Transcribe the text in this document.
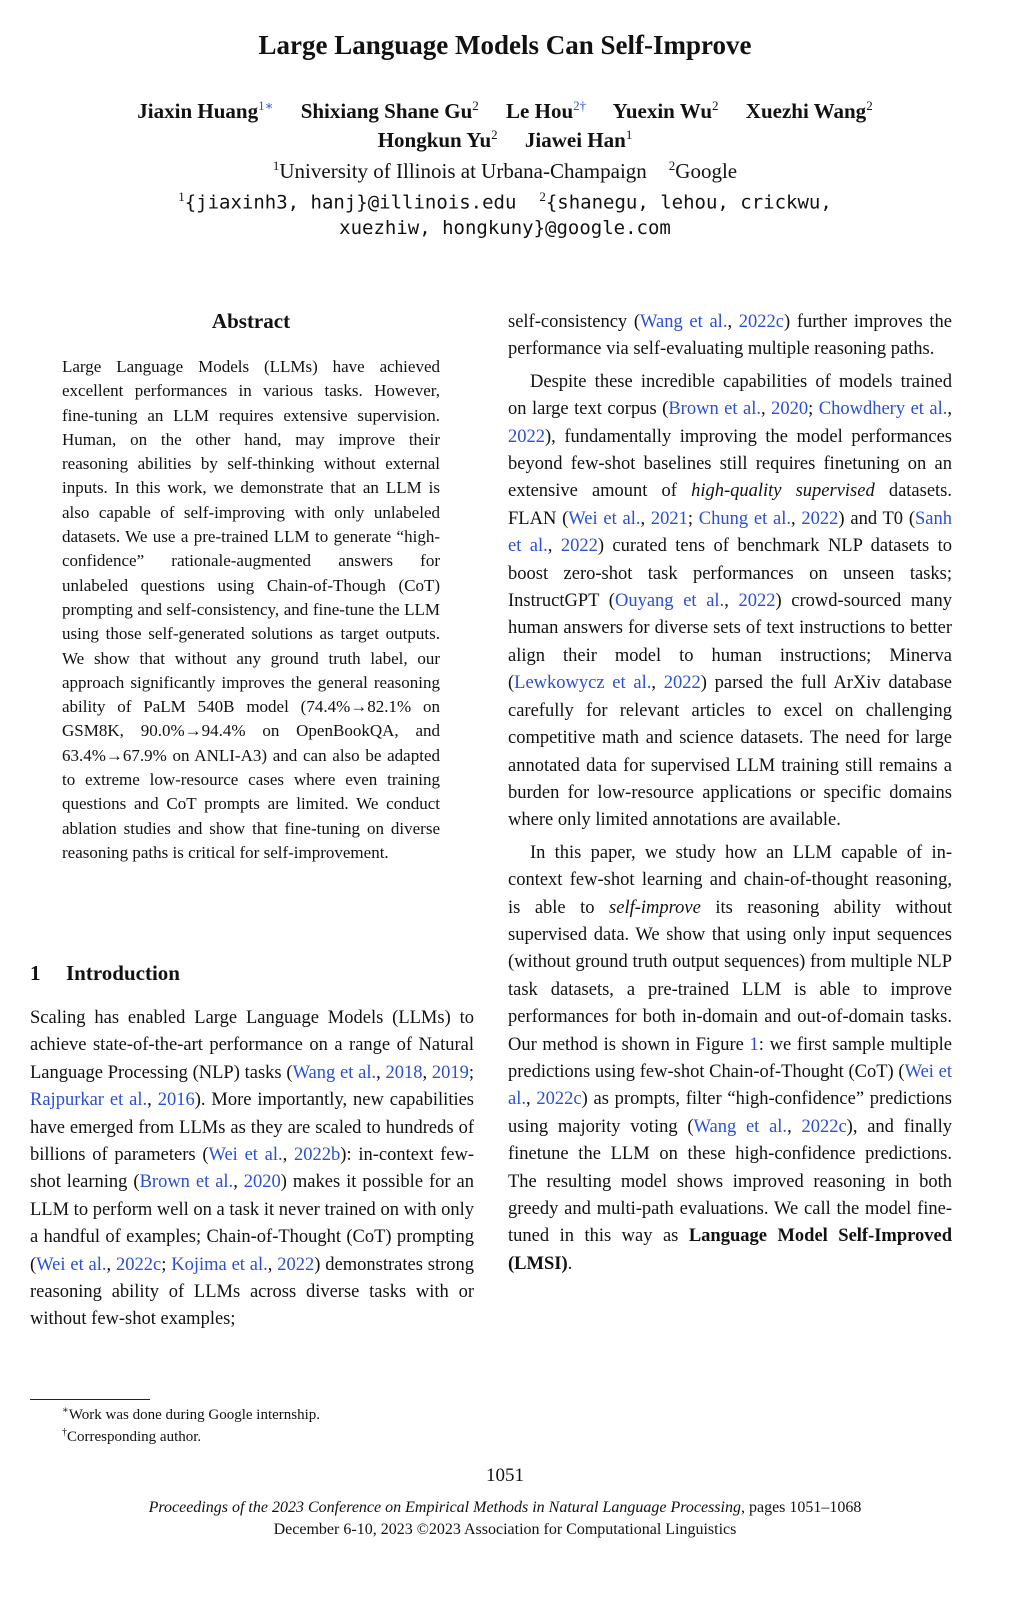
Large Language Models Can Self-Improve
Jiaxin Huang$^{1∗}$ Shixiang Shane Gu$^2$ Le Hou$^{2\dagger}$ Yuexin Wu$^2$ Xuezhi Wang$^2$
Hongkun Yu$^2$ Jiawei Han$^1$
$^1$University of Illinois at Urbana-Champaign $^2$Google
$^1${jiaxinh3, hanj}@illinois.edu $^2${shanegu, lehou, crickwu,
xuezhiw, hongkuny}@google.com
Abstract
Large Language Models (LLMs) have achieved excellent performances in various tasks. However, fine-tuning an LLM requires extensive supervision. Human, on the other hand, may improve their reasoning abilities by self-thinking without external inputs. In this work, we demonstrate that an LLM is also capable of self-improving with only unlabeled datasets. We use a pre-trained LLM to generate “high-confidence” rationale-augmented answers for unlabeled questions using Chain-of-Though (CoT) prompting and self-consistency, and fine-tune the LLM using those self-generated solutions as target outputs. We show that without any ground truth label, our approach significantly improves the general reasoning ability of PaLM 540B model (74.4%→82.1% on GSM8K, 90.0%→94.4% on OpenBookQA, and 63.4%→67.9% on ANLI-A3) and can also be adapted to extreme low-resource cases where even training questions and CoT prompts are limited. We conduct ablation studies and show that fine-tuning on diverse reasoning paths is critical for self-improvement.
1 Introduction

Scaling has enabled Large Language Models (LLMs) to achieve state-of-the-art performance on a range of Natural Language Processing (NLP) tasks (Wang et al., 2018, 2019; Rajpurkar et al., 2016). More importantly, new capabilities have emerged from LLMs as they are scaled to hundreds of billions of parameters (Wei et al., 2022b): in-context few-shot learning (Brown et al., 2020) makes it possible for an LLM to perform well on a task it never trained on with only a handful of examples; Chain-of-Thought (CoT) prompting (Wei et al., 2022c; Kojima et al., 2022) demonstrates strong reasoning ability of LLMs across diverse tasks with or without few-shot examples;

∗Work was done during Google internship.
†Corresponding author.

self-consistency (Wang et al., 2022c) further improves the performance via self-evaluating multiple reasoning paths.

Despite these incredible capabilities of models trained on large text corpus (Brown et al., 2020; Chowdhery et al., 2022), fundamentally improving the model performances beyond few-shot baselines still requires finetuning on an extensive amount of high-quality supervised datasets. FLAN (Wei et al., 2021; Chung et al., 2022) and T0 (Sanh et al., 2022) curated tens of benchmark NLP datasets to boost zero-shot task performances on unseen tasks; InstructGPT (Ouyang et al., 2022) crowd-sourced many human answers for diverse sets of text instructions to better align their model to human instructions; Minerva (Lewkowycz et al., 2022) parsed the full ArXiv database carefully for relevant articles to excel on challenging competitive math and science datasets. The need for large annotated data for supervised LLM training still remains a burden for low-resource applications or specific domains where only limited annotations are available.

In this paper, we study how an LLM capable of in-context few-shot learning and chain-of-thought reasoning, is able to self-improve its reasoning ability without supervised data. We show that using only input sequences (without ground truth output sequences) from multiple NLP task datasets, a pre-trained LLM is able to improve performances for both in-domain and out-of-domain tasks. Our method is shown in Figure 1: we first sample multiple predictions using few-shot Chain-of-Thought (CoT) (Wei et al., 2022c) as prompts, filter “high-confidence” predictions using majority voting (Wang et al., 2022c), and finally finetune the LLM on these high-confidence predictions. The resulting model shows improved reasoning in both greedy and multi-path evaluations. We call the model fine-tuned in this way as Language Model Self-Improved (LMSI).

1051
Proceedings of the 2023 Conference on Empirical Methods in Natural Language Processing, pages 1051–1068
December 6-10, 2023 ©2023 Association for Computational Linguistics
